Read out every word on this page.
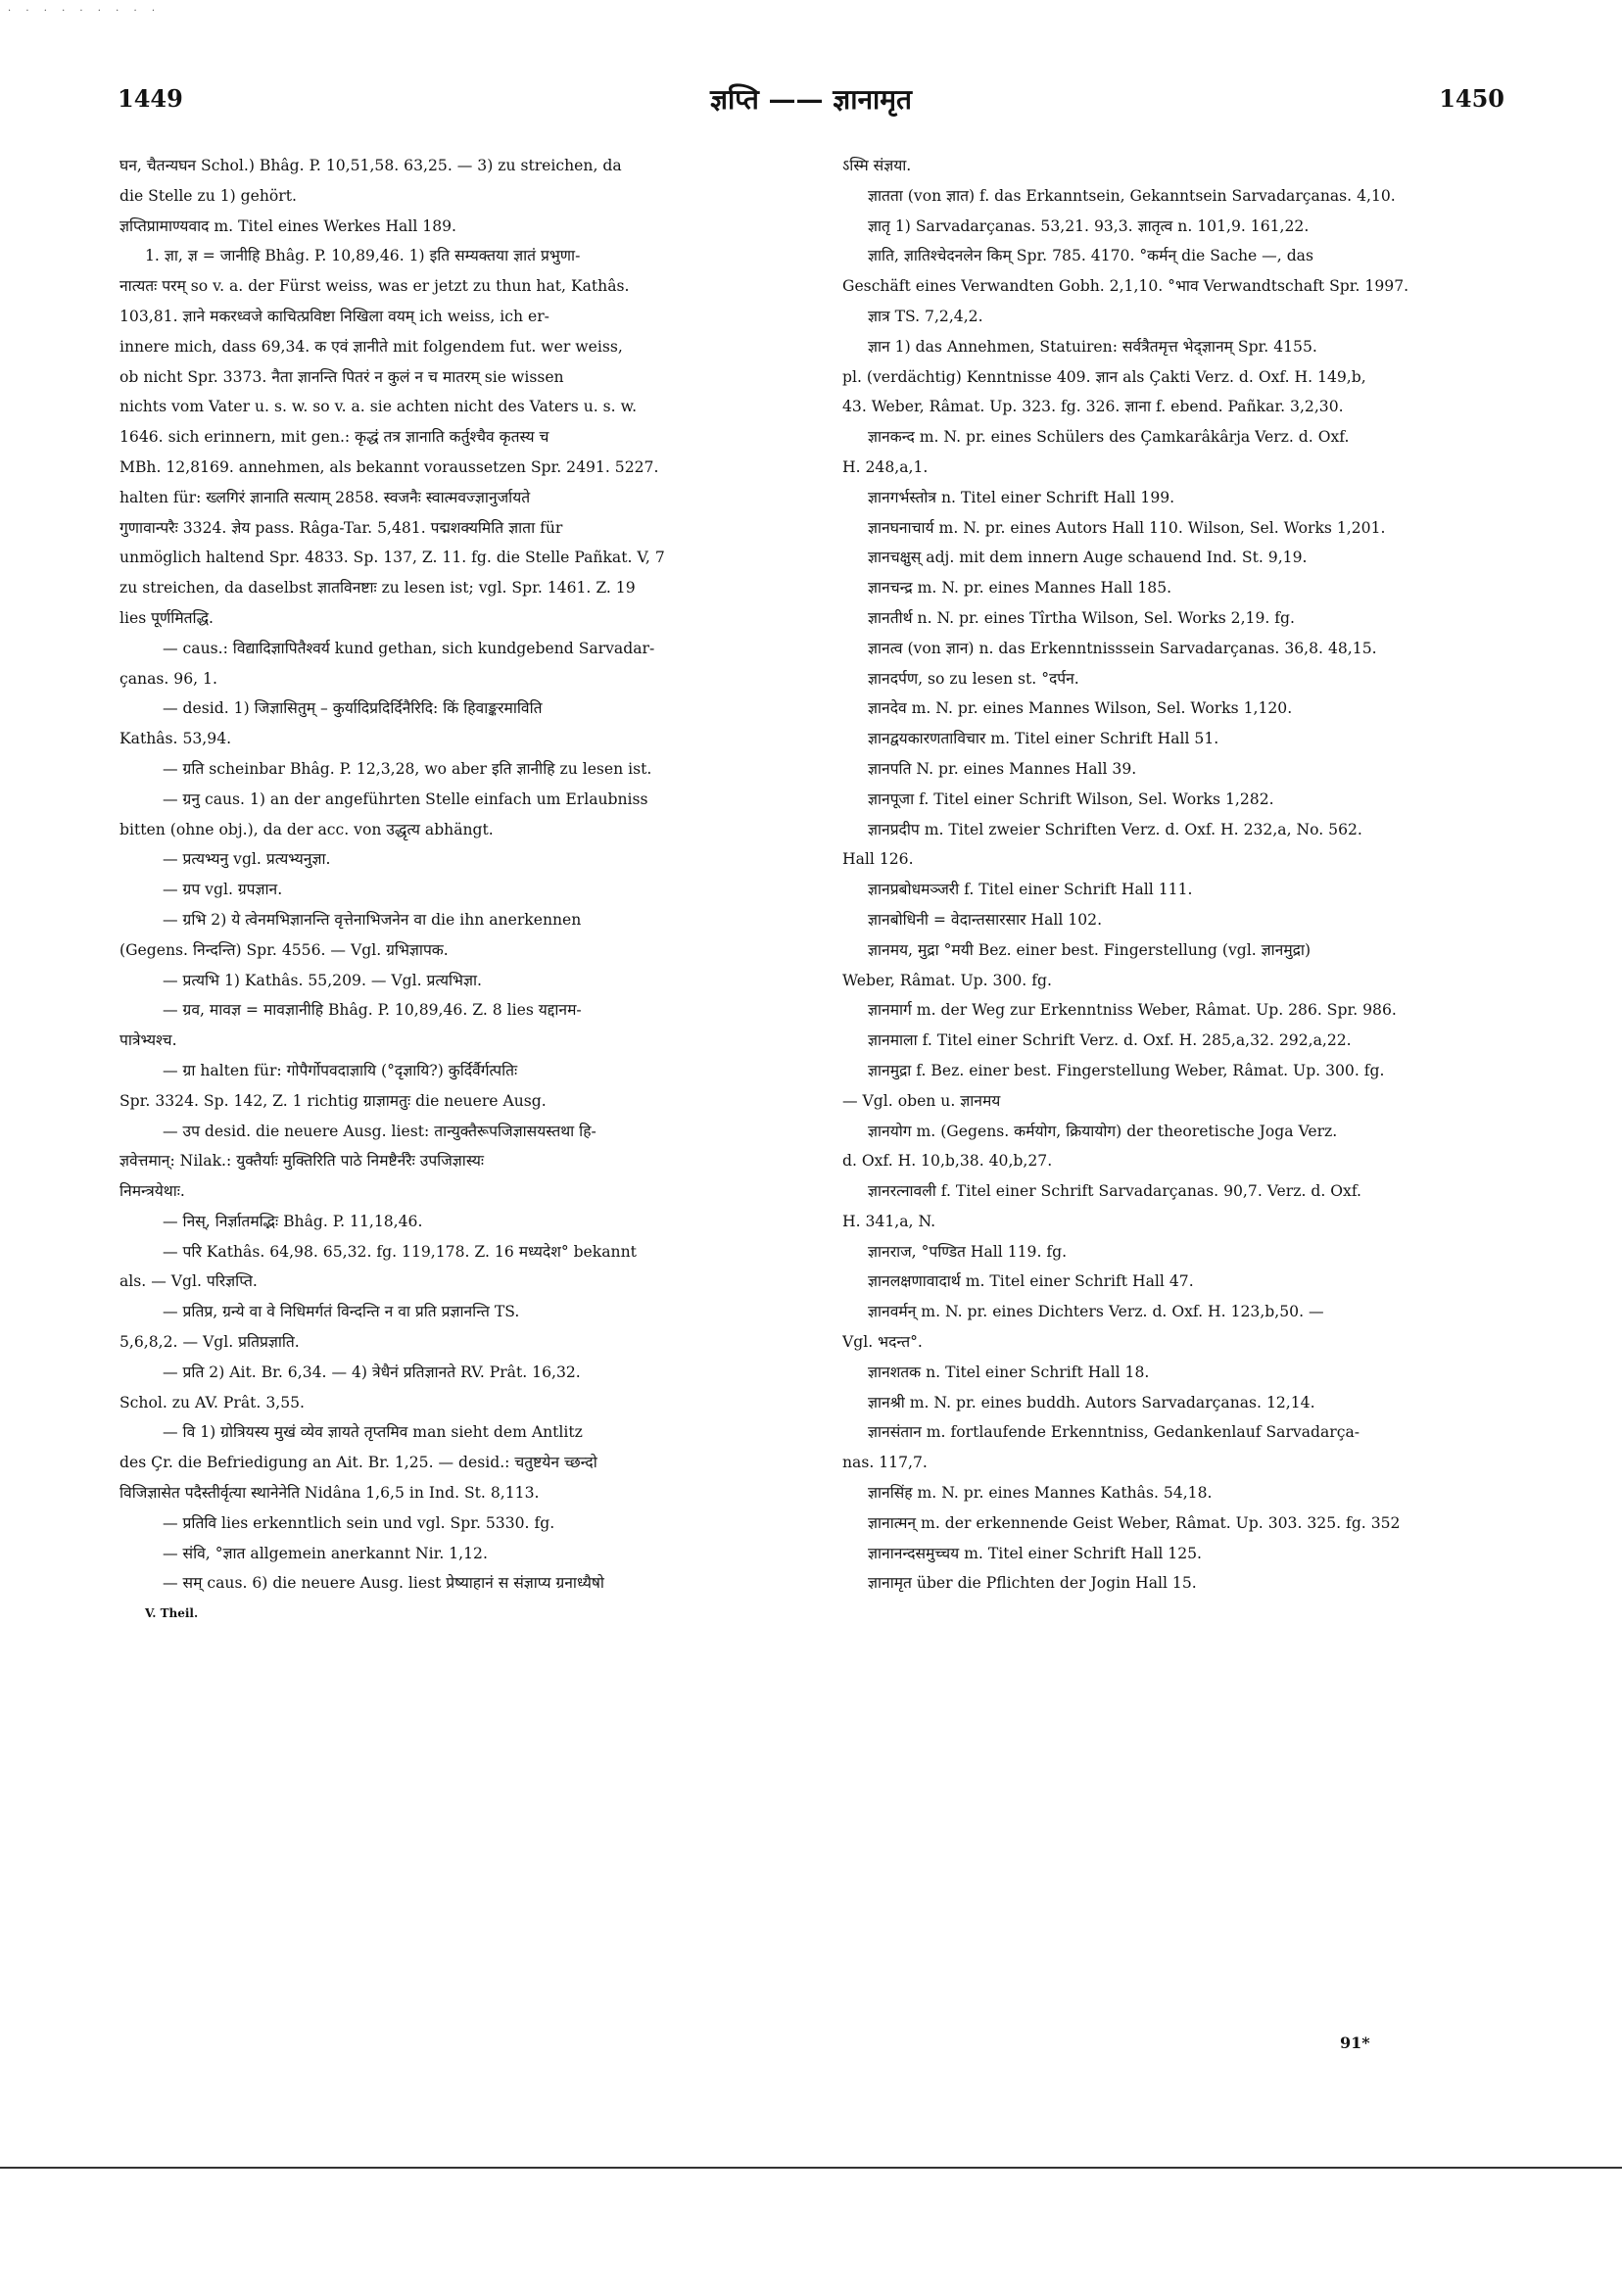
· · · · · · · · ·
1449	ज्ञप्ति —— ज्ञानामृत	1450
घन, चैतन्यघन Schol.) Bhâg. P. 10,51,58. 63,25. — 3) zu streichen, da
die Stelle zu 1) gehört.
ज्ञप्तिप्रामाण्यवाद m. Titel eines Werkes Hall 189.
1. ज्ञा, ज्ञ = जानीहि Bhâg. P. 10,89,46. 1) इति सम्यक्तया ज्ञातं प्रभुणा-
नात्यतः परम् so v. a. der Fürst weiss, was er jetzt zu thun hat, Kathâs.
103,81. ज्ञाने मकरध्वजे काचित्प्रविष्टा निखिला वयम् ich weiss, ich er-
innere mich, dass 69,34. क एवं ज्ञानीते mit folgendem fut. wer weiss,
ob nicht Spr. 3373. नैता ज्ञानन्ति पितरं न कुलं न च मातरम् sie wissen
nichts vom Vater u. s. w. so v. a. sie achten nicht des Vaters u. s. w.
1646. sich erinnern, mit gen.: कृद्धं तत्र ज्ञानाति कर्तुश्चैव कृतस्य च
MBh. 12,8169. annehmen, als bekannt voraussetzen Spr. 2491. 5227.
halten für: ख्लगिरं ज्ञानाति सत्याम् 2858. स्वजनैः स्वात्मवज्ज्ञानुर्जायते
गुणावान्परैः 3324. ज्ञेय pass. Râga-Tar. 5,481. पद्मशक्यमिति ज्ञाता für
unmöglich haltend Spr. 4833. Sp. 137, Z. 11. fg. die Stelle Pañkat. V, 7
zu streichen, da daselbst ज्ञातविनष्टाः zu lesen ist; vgl. Spr. 1461. Z. 19
lies पूर्णमितद्धि.
— caus.: विद्यादिज्ञापितैश्वर्य kund gethan, sich kundgebend Sarvadar-
çanas. 96, 1.
— desid. 1) जिज्ञासितुम् – कुर्यादिप्रदिर्दिनैरिदि: किं हिवाङ्करमाविति
Kathâs. 53,94.
— ग्रति scheinbar Bhâg. P. 12,3,28, wo aber इति ज्ञानीहि zu lesen ist.
— ग्रनु caus. 1) an der angeführten Stelle einfach um Erlaubniss
bitten (ohne obj.), da der acc. von उद्धृत्य abhängt.
— प्रत्यभ्यनु vgl. प्रत्यभ्यनुज्ञा.
— ग्रप vgl. ग्रपज्ञान.
— ग्रभि 2) ये त्वेनमभिज्ञानन्ति वृत्तेनाभिजनेन वा die ihn anerkennen
(Gegens. निन्दन्ति) Spr. 4556. — Vgl. ग्रभिज्ञापक.
— प्रत्यभि 1) Kathâs. 55,209. — Vgl. प्रत्यभिज्ञा.
— ग्रव, मावज्ञ = मावज्ञानीहि Bhâg. P. 10,89,46. Z. 8 lies यद्दानम-
पात्रेभ्यश्च.
— ग्रा halten für: गोपैर्गोपवदाज्ञायि (°दृज्ञायि?) कुर्दिर्वैर्गत्पतिः
Spr. 3324. Sp. 142, Z. 1 richtig ग्राज्ञामतुः die neuere Ausg.
— उप desid. die neuere Ausg. liest: तान्युक्तैरूपजिज्ञासयस्तथा हि-
ज्ञवेत्तमान्: Nilak.: युक्तैर्याः मुक्तिरिति पाठे निमष्टैर्नरैः उपजिज्ञास्यः
निमन्त्रयेथाः.
— निस्, निर्ज्ञातमद्भिः Bhâg. P. 11,18,46.
— परि Kathâs. 64,98. 65,32. fg. 119,178. Z. 16 मध्यदेश° bekannt
als. — Vgl. परिज्ञप्ति.
— प्रतिप्र, ग्रन्ये वा वे निधिमर्गतं विन्दन्ति न वा प्रति प्रज्ञानन्ति TS.
5,6,8,2. — Vgl. प्रतिप्रज्ञाति.
— प्रति 2) Ait. Br. 6,34. — 4) त्रेधैनं प्रतिज्ञानते RV. Prât. 16,32.
Schol. zu AV. Prât. 3,55.
— वि 1) ग्रोत्रियस्य मुखं व्येव ज्ञायते तृप्तमिव man sieht dem Antlitz
des Çr. die Befriedigung an Ait. Br. 1,25. — desid.: चतुष्टयेन च्छन्दो
विजिज्ञासेत पदैस्तीर्वृत्या स्थानेनेति Nidâna 1,6,5 in Ind. St. 8,113.
— प्रतिवि lies erkenntlich sein und vgl. Spr. 5330. fg.
— संवि, °ज्ञात allgemein anerkannt Nir. 1,12.
— सम् caus. 6) die neuere Ausg. liest प्रेष्याहानं स संज्ञाप्य ग्रनाध्यैषो
V. Theil.
ऽस्मि संज्ञया.
ज्ञातता (von ज्ञात) f. das Erkanntsein, Gekanntsein Sarvadarçanas. 4,10.
ज्ञातृ 1) Sarvadarçanas. 53,21. 93,3. ज्ञातृत्व n. 101,9. 161,22.
ज्ञाति, ज्ञातिश्चेदनलेन किम् Spr. 785. 4170. °कर्मन् die Sache —, das
Geschäft eines Verwandten Gobh. 2,1,10. °भाव Verwandtschaft Spr. 1997.
ज्ञात्र TS. 7,2,4,2.
ज्ञान 1) das Annehmen, Statuiren: सर्वत्रैतमृत्त भेद्ज्ञानम् Spr. 4155.
pl. (verdächtig) Kenntnisse 409. ज्ञान als Çakti Verz. d. Oxf. H. 149,b,
43. Weber, Râmat. Up. 323. fg. 326. ज्ञाना f. ebend. Pañkar. 3,2,30.
ज्ञानकन्द m. N. pr. eines Schülers des Çamkarâkârja Verz. d. Oxf.
H. 248,a,1.
ज्ञानगर्भस्तोत्र n. Titel einer Schrift Hall 199.
ज्ञानघनाचार्य m. N. pr. eines Autors Hall 110. Wilson, Sel. Works 1,201.
ज्ञानचक्षुस् adj. mit dem innern Auge schauend Ind. St. 9,19.
ज्ञानचन्द्र m. N. pr. eines Mannes Hall 185.
ज्ञानतीर्थ n. N. pr. eines Tîrtha Wilson, Sel. Works 2,19. fg.
ज्ञानत्व (von ज्ञान) n. das Erkenntnisssein Sarvadarçanas. 36,8. 48,15.
ज्ञानदर्पण, so zu lesen st. °दर्पन.
ज्ञानदेव m. N. pr. eines Mannes Wilson, Sel. Works 1,120.
ज्ञानद्वयकारणताविचार m. Titel einer Schrift Hall 51.
ज्ञानपति N. pr. eines Mannes Hall 39.
ज्ञानपूजा f. Titel einer Schrift Wilson, Sel. Works 1,282.
ज्ञानप्रदीप m. Titel zweier Schriften Verz. d. Oxf. H. 232,a, No. 562.
Hall 126.
ज्ञानप्रबोधमञ्जरी f. Titel einer Schrift Hall 111.
ज्ञानबोधिनी = वेदान्तसारसार Hall 102.
ज्ञानमय, मुद्रा °मयी Bez. einer best. Fingerstellung (vgl. ज्ञानमुद्रा)
Weber, Râmat. Up. 300. fg.
ज्ञानमार्ग m. der Weg zur Erkenntniss Weber, Râmat. Up. 286. Spr. 986.
ज्ञानमाला f. Titel einer Schrift Verz. d. Oxf. H. 285,a,32. 292,a,22.
ज्ञानमुद्रा f. Bez. einer best. Fingerstellung Weber, Râmat. Up. 300. fg.
— Vgl. oben u. ज्ञानमय
ज्ञानयोग m. (Gegens. कर्मयोग, क्रियायोग) der theoretische Joga Verz.
d. Oxf. H. 10,b,38. 40,b,27.
ज्ञानरत्नावली f. Titel einer Schrift Sarvadarçanas. 90,7. Verz. d. Oxf.
H. 341,a, N.
ज्ञानराज, °पण्डित Hall 119. fg.
ज्ञानलक्षणावादार्थ m. Titel einer Schrift Hall 47.
ज्ञानवर्मन् m. N. pr. eines Dichters Verz. d. Oxf. H. 123,b,50. —
Vgl. भदन्त°.
ज्ञानशतक n. Titel einer Schrift Hall 18.
ज्ञानश्री m. N. pr. eines buddh. Autors Sarvadarçanas. 12,14.
ज्ञानसंतान m. fortlaufende Erkenntniss, Gedankenlauf Sarvadarça-
nas. 117,7.
ज्ञानसिंह m. N. pr. eines Mannes Kathâs. 54,18.
ज्ञानात्मन् m. der erkennende Geist Weber, Râmat. Up. 303. 325. fg. 352
ज्ञानानन्दसमुच्चय m. Titel einer Schrift Hall 125.
ज्ञानामृत über die Pflichten der Jogin Hall 15.
91*
